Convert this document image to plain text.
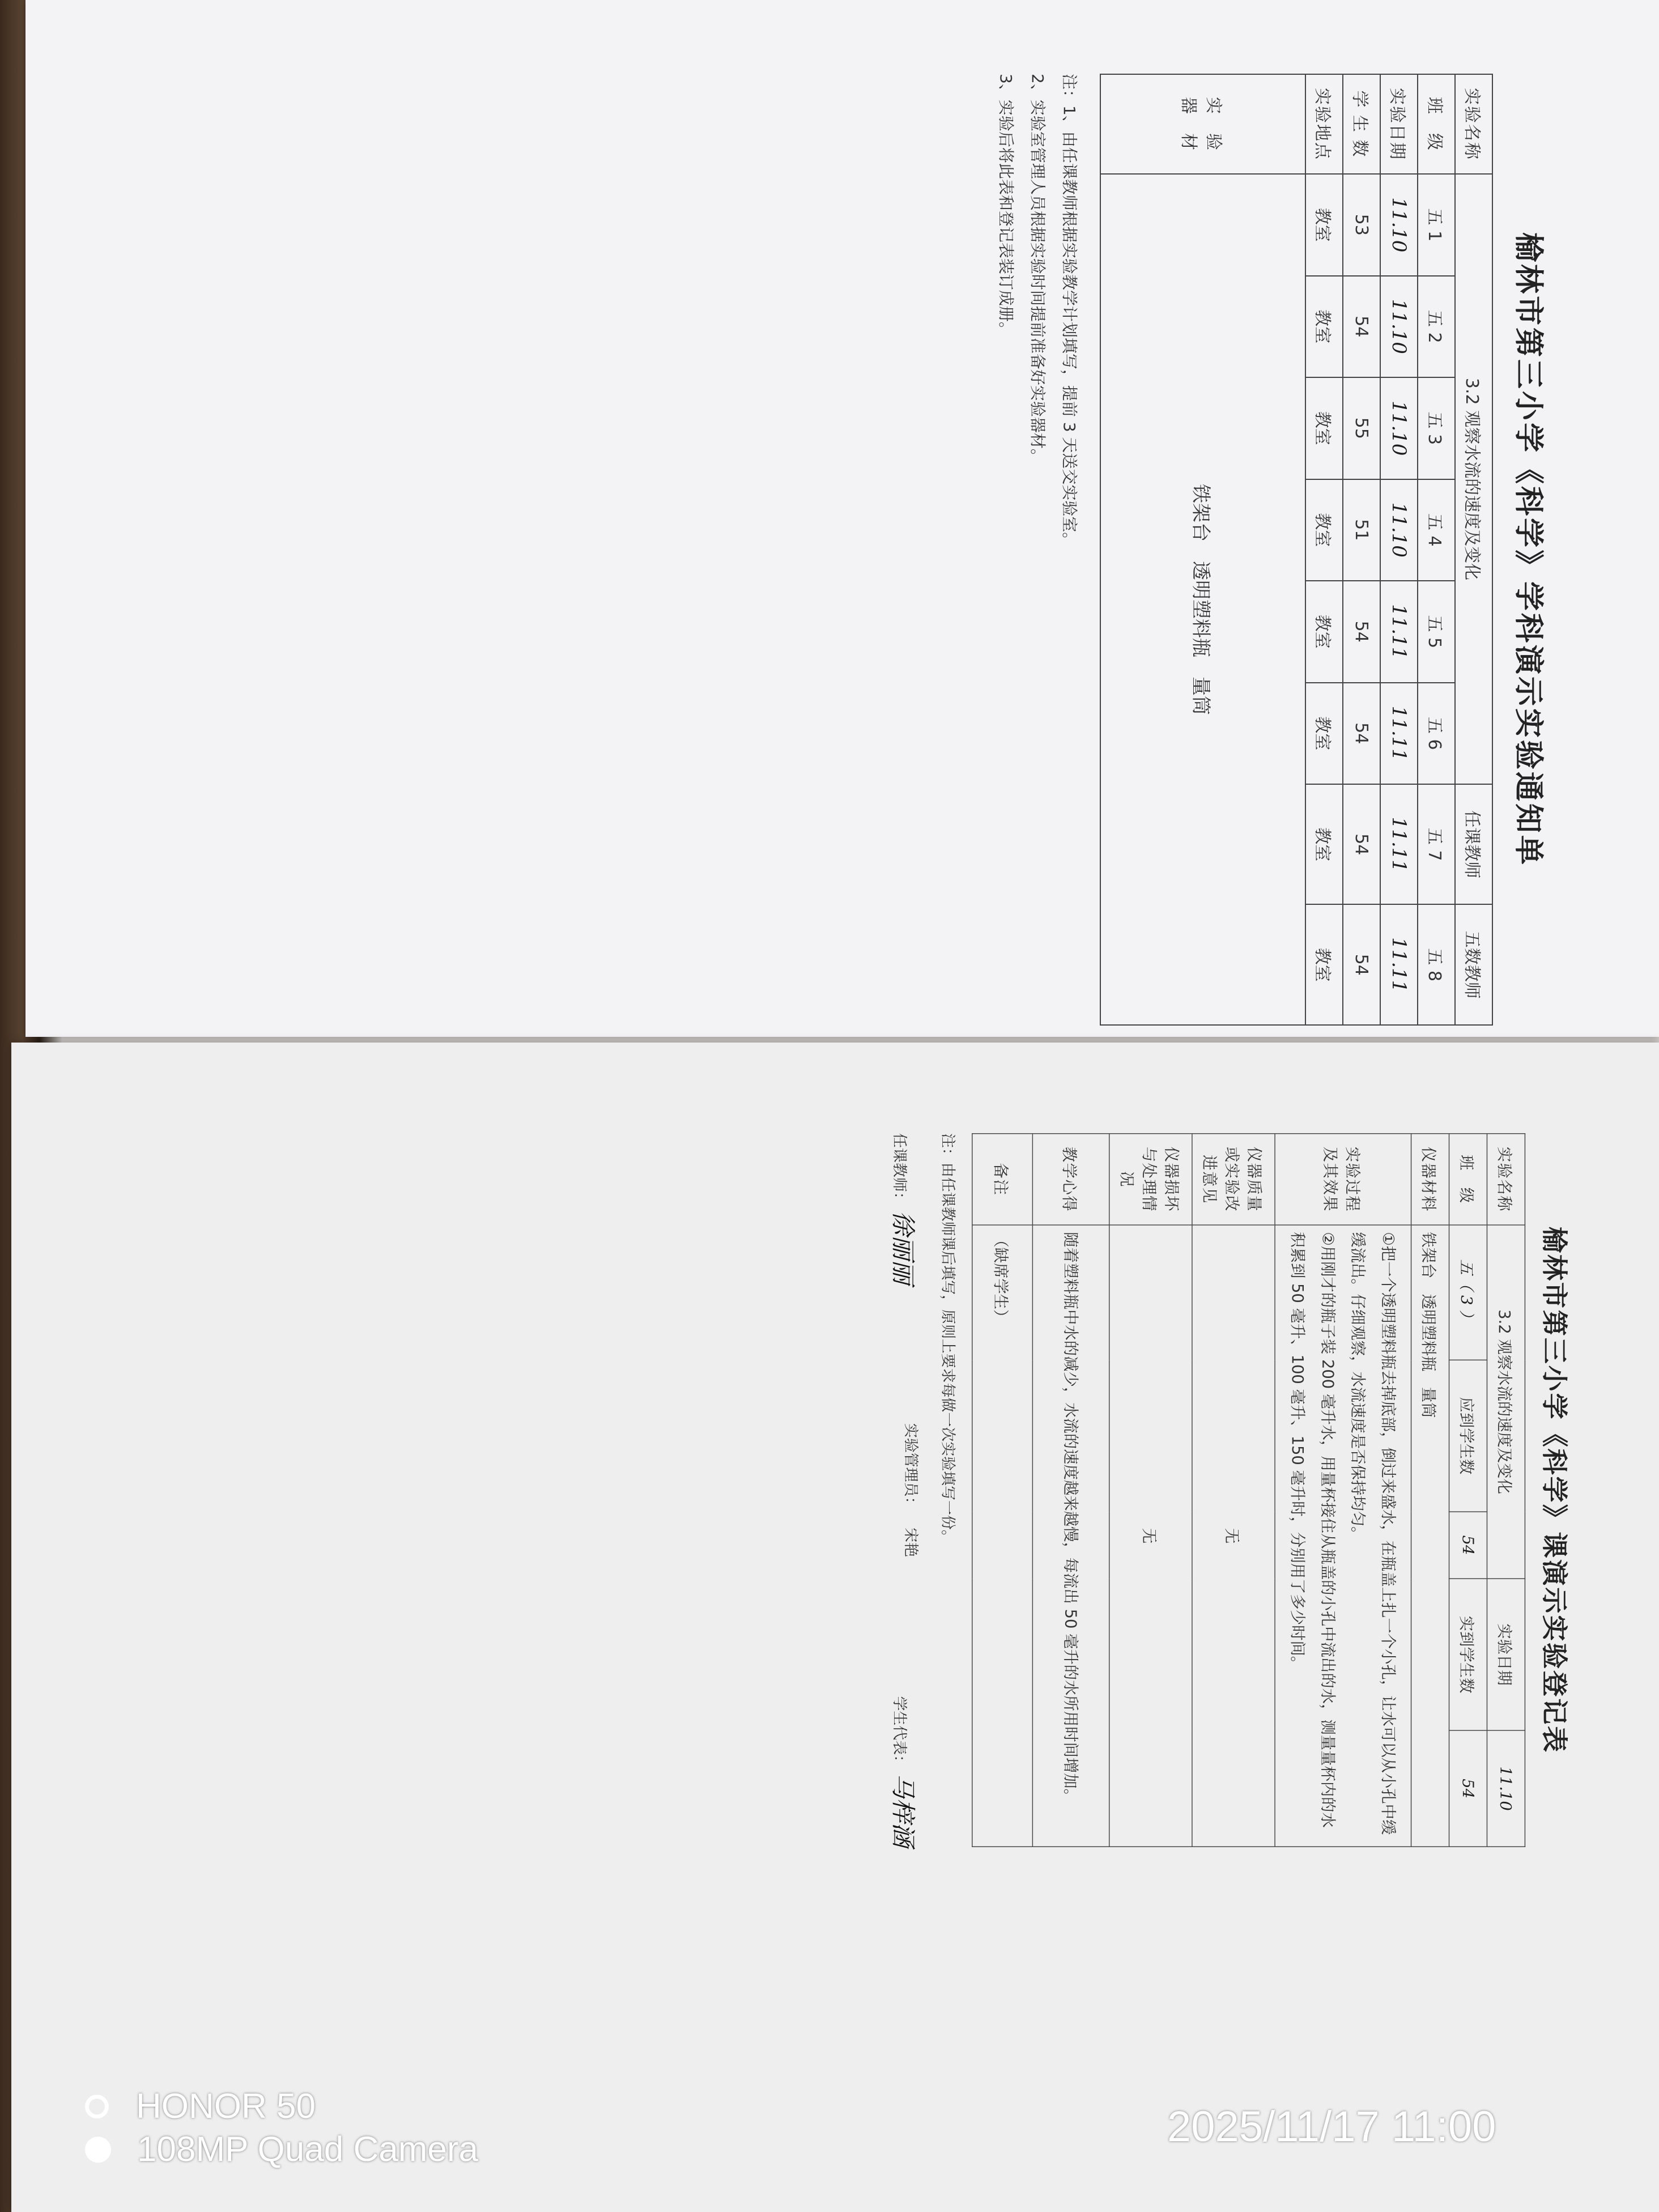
榆林市第三小学《科学》学科演示实验通知单
实验名称	3.2 观察水流的速度及变化						任课教师	五数教师
班　级	五 1	五 2	五 3	五 4	五 5	五 6	五 7	五 8
实验日期	11.10	11.10	11.10	11.10	11.11	11.11	11.11	11.11
学 生 数	53	54	55	51	54	54	54	54
实验地点	教室	教室	教室	教室	教室	教室	教室	教室
实　验　器　材	铁架台　透明塑料瓶　量筒							
注：1、由任课教师根据实验教学计划填写，提前 3 天送交实验室。
2、实验室管理人员根据实验时间提前准备好实验器材。
3、实验后将此表和登记表装订成册。
榆林市第三小学《科学》课演示实验登记表
实验名称	3.2 观察水流的速度及变化			实验日期	11.10
班　级	五（ 3 ）	应到学生数	54	实到学生数	54
仪器材料	铁架台　透明塑料瓶　量筒				
实验过程及其效果	①把一个透明塑料瓶去掉底部，倒过来盛水，在瓶盖上扎一个小孔，让水可以从小孔中缓缓流出。仔细观察，水流速度是否保持均匀。
②用刚才的瓶子装 200 毫升水，用量杯接住从瓶盖的小孔中流出的水，测量量杯内的水积累到 50 毫升、100 毫升、150 毫升时，分别用了多少时间。				

仪器质量或实验改进意见	无				
仪器损坏与处理情况	无				
教学心得	随着塑料瓶中水的减少，水流的速度越来越慢，每流出 50 毫升的水所用时间增加。				
备注	（缺席学生）				
注：由任课教师课后填写，原则上要求每做一次实验填写一份。
任课教师：徐丽丽
实验管理员：宋艳
学生代表：马梓涵
HONOR 50
108MP Quad Camera	2025/11/17 11:00
